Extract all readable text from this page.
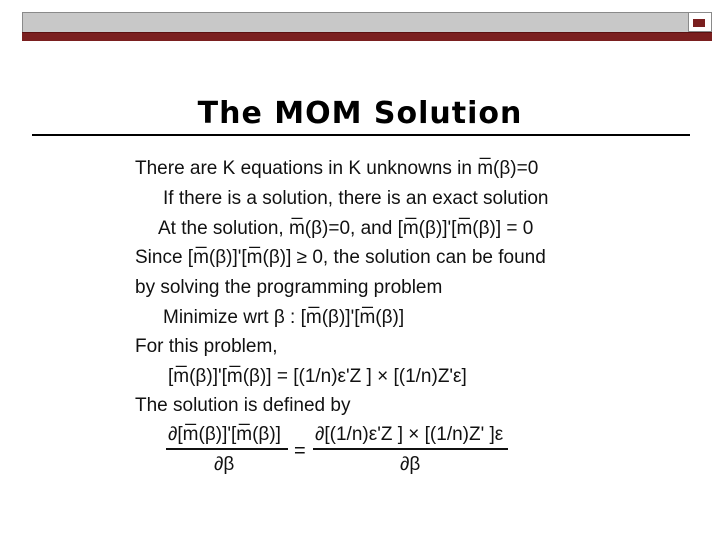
The MOM Solution
There are K equations in K unknowns in m̅(β)=0
If there is a solution, there is an exact solution
At the solution, m̅(β)=0, and [m̅(β)]'[m̅(β)] = 0
Since [m̅(β)]'[m̅(β)] ≥ 0, the solution can be found
by solving the programming problem
Minimize wrt β : [m̅(β)]'[m̅(β)]
For this problem,
[m̅(β)]'[m̅(β)] = [(1/n)ε'Z ] × [(1/n)Z'ε]
The solution is defined by
∂[m̅(β)]'[m̅(β)]
∂β
=
∂[(1/n)ε'Z ] × [(1/n)Z' ]ε
∂β
